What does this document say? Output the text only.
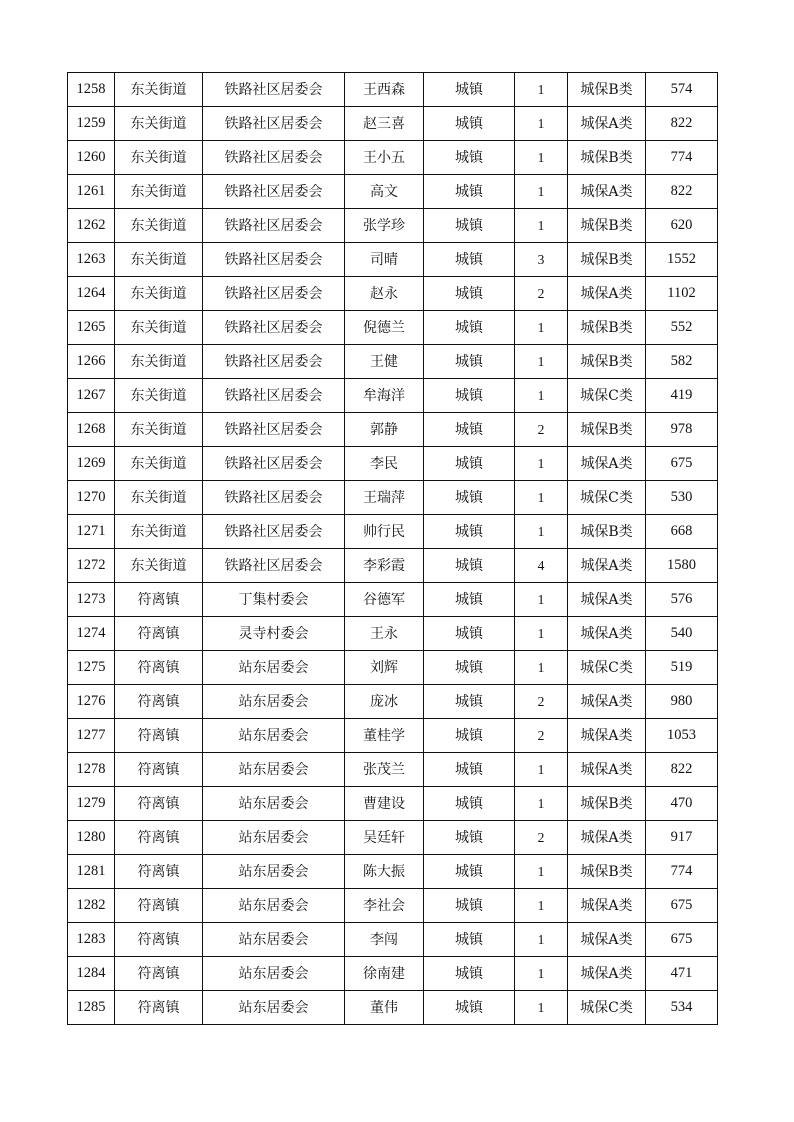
1258	东关街道	铁路社区居委会	王西森	城镇	1	城保B类	574
1259	东关街道	铁路社区居委会	赵三喜	城镇	1	城保A类	822
1260	东关街道	铁路社区居委会	王小五	城镇	1	城保B类	774
1261	东关街道	铁路社区居委会	高文	城镇	1	城保A类	822
1262	东关街道	铁路社区居委会	张学珍	城镇	1	城保B类	620
1263	东关街道	铁路社区居委会	司晴	城镇	3	城保B类	1552
1264	东关街道	铁路社区居委会	赵永	城镇	2	城保A类	1102
1265	东关街道	铁路社区居委会	倪德兰	城镇	1	城保B类	552
1266	东关街道	铁路社区居委会	王健	城镇	1	城保B类	582
1267	东关街道	铁路社区居委会	牟海洋	城镇	1	城保C类	419
1268	东关街道	铁路社区居委会	郭静	城镇	2	城保B类	978
1269	东关街道	铁路社区居委会	李民	城镇	1	城保A类	675
1270	东关街道	铁路社区居委会	王瑞萍	城镇	1	城保C类	530
1271	东关街道	铁路社区居委会	帅行民	城镇	1	城保B类	668
1272	东关街道	铁路社区居委会	李彩霞	城镇	4	城保A类	1580
1273	符离镇	丁集村委会	谷德军	城镇	1	城保A类	576
1274	符离镇	灵寺村委会	王永	城镇	1	城保A类	540
1275	符离镇	站东居委会	刘辉	城镇	1	城保C类	519
1276	符离镇	站东居委会	庞冰	城镇	2	城保A类	980
1277	符离镇	站东居委会	董桂学	城镇	2	城保A类	1053
1278	符离镇	站东居委会	张茂兰	城镇	1	城保A类	822
1279	符离镇	站东居委会	曹建设	城镇	1	城保B类	470
1280	符离镇	站东居委会	吴廷轩	城镇	2	城保A类	917
1281	符离镇	站东居委会	陈大振	城镇	1	城保B类	774
1282	符离镇	站东居委会	李社会	城镇	1	城保A类	675
1283	符离镇	站东居委会	李闯	城镇	1	城保A类	675
1284	符离镇	站东居委会	徐南建	城镇	1	城保A类	471
1285	符离镇	站东居委会	董伟	城镇	1	城保C类	534
